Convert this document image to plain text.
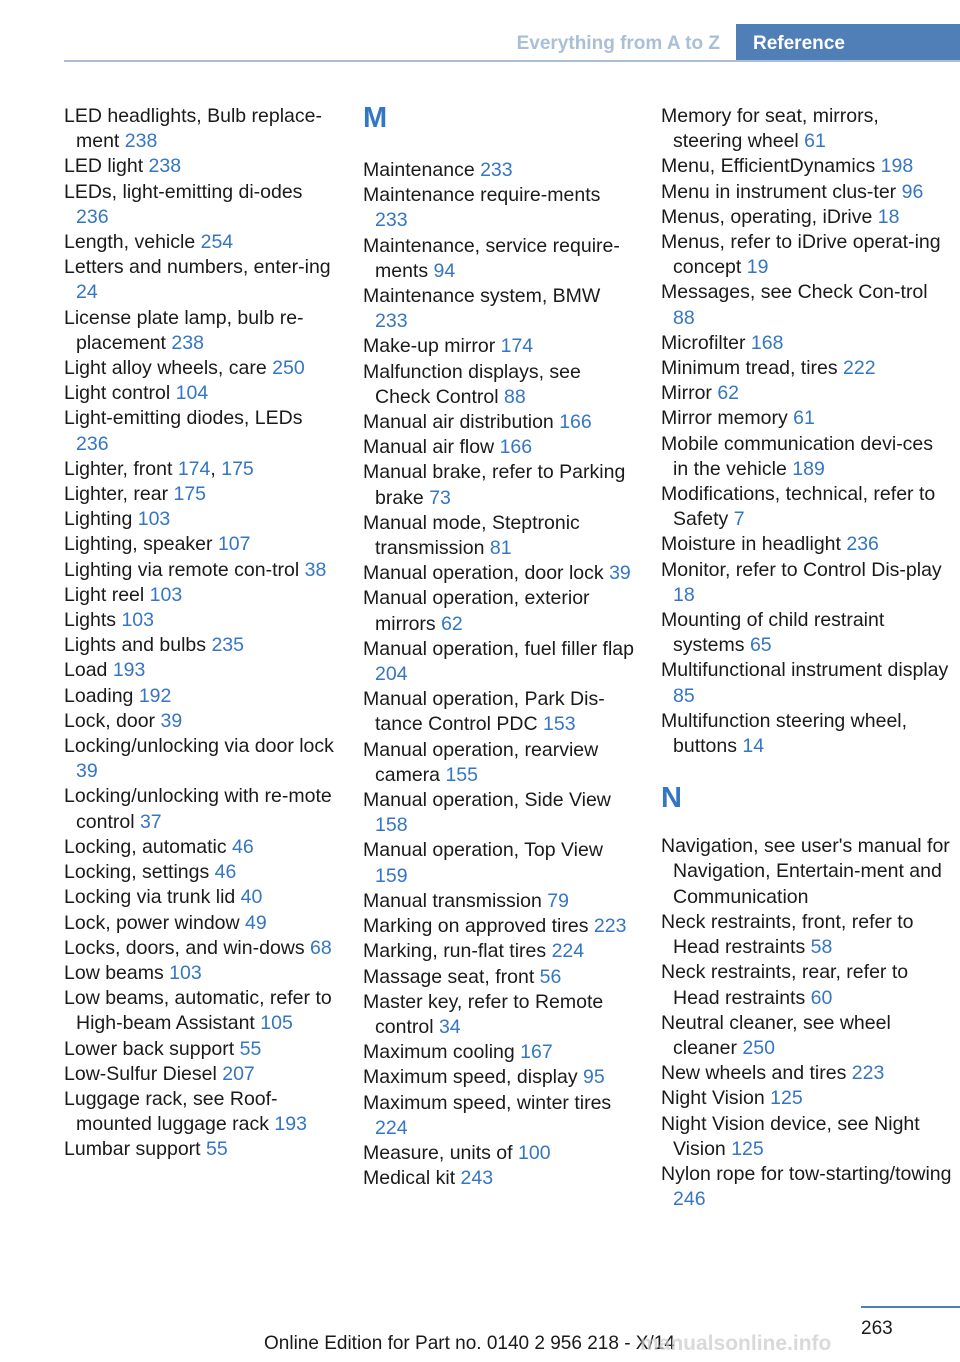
Everything from A to Z	Reference
LED headlights, Bulb replace-ment 238
LED light 238
LEDs, light-emitting di-odes 236
Length, vehicle 254
Letters and numbers, enter-ing 24
License plate lamp, bulb re-placement 238
Light alloy wheels, care 250
Light control 104
Light-emitting diodes, LEDs 236
Lighter, front 174, 175
Lighter, rear 175
Lighting 103
Lighting, speaker 107
Lighting via remote con-trol 38
Light reel 103
Lights 103
Lights and bulbs 235
Load 193
Loading 192
Lock, door 39
Locking/unlocking via door lock 39
Locking/unlocking with re-mote control 37
Locking, automatic 46
Locking, settings 46
Locking via trunk lid 40
Lock, power window 49
Locks, doors, and win-dows 68
Low beams 103
Low beams, automatic, refer to High-beam Assistant 105
Lower back support 55
Low-Sulfur Diesel 207
Luggage rack, see Roof-mounted luggage rack 193
Lumbar support 55
M
Maintenance 233
Maintenance require-ments 233
Maintenance, service require-ments 94
Maintenance system, BMW 233
Make-up mirror 174
Malfunction displays, see Check Control 88
Manual air distribution 166
Manual air flow 166
Manual brake, refer to Parking brake 73
Manual mode, Steptronic transmission 81
Manual operation, door lock 39
Manual operation, exterior mirrors 62
Manual operation, fuel filler flap 204
Manual operation, Park Dis-tance Control PDC 153
Manual operation, rearview camera 155
Manual operation, Side View 158
Manual operation, Top View 159
Manual transmission 79
Marking on approved tires 223
Marking, run-flat tires 224
Massage seat, front 56
Master key, refer to Remote control 34
Maximum cooling 167
Maximum speed, display 95
Maximum speed, winter tires 224
Measure, units of 100
Medical kit 243
Memory for seat, mirrors, steering wheel 61
Menu, EfficientDynamics 198
Menu in instrument clus-ter 96
Menus, operating, iDrive 18
Menus, refer to iDrive operat-ing concept 19
Messages, see Check Con-trol 88
Microfilter 168
Minimum tread, tires 222
Mirror 62
Mirror memory 61
Mobile communication devi-ces in the vehicle 189
Modifications, technical, refer to Safety 7
Moisture in headlight 236
Monitor, refer to Control Dis-play 18
Mounting of child restraint systems 65
Multifunctional instrument display 85
Multifunction steering wheel, buttons 14
N
Navigation, see user's manual for Navigation, Entertain-ment and Communication
Neck restraints, front, refer to Head restraints 58
Neck restraints, rear, refer to Head restraints 60
Neutral cleaner, see wheel cleaner 250
New wheels and tires 223
Night Vision 125
Night Vision device, see Night Vision 125
Nylon rope for tow-starting/towing 246
263
Online Edition for Part no. 0140 2 956 218 - X/14
manualsonline.info
